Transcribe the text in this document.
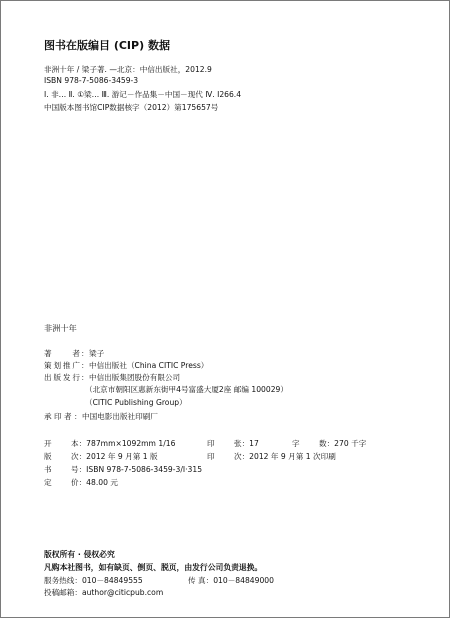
图书在版编目 (CIP) 数据
非洲十年 / 梁子著. —北京：中信出版社，2012.9
ISBN 978-7-5086-3459-3
Ⅰ. 非… Ⅱ. ①梁… Ⅲ. 游记－作品集－中国－现代 Ⅳ. I266.4
中国版本图书馆CIP数据核字（2012）第175657号
非洲十年
著	者 ： 梁子
策划推广 ： 中信出版社（China CITIC Press）
出版发行 ： 中信出版集团股份有限公司
（北京市朝阳区惠新东街甲4号富盛大厦2座 邮编 100029）
（CITIC Publishing Group）
承 印 者 ： 中国电影出版社印刷厂
开	本：787mm×1092mm 1/16	印	张：17	字	数：270 千字
版	次：2012 年 9 月第 1 版	印	次：2012 年 9 月第 1 次印刷
书	号：ISBN 978-7-5086-3459-3/I·315
定	价：48.00 元
版权所有 · 侵权必究
凡购本社图书，如有缺页、倒页、脱页，由发行公司负责退换。
服务热线：010－84849555	传 真：010－84849000
投稿邮箱：author@citicpub.com
